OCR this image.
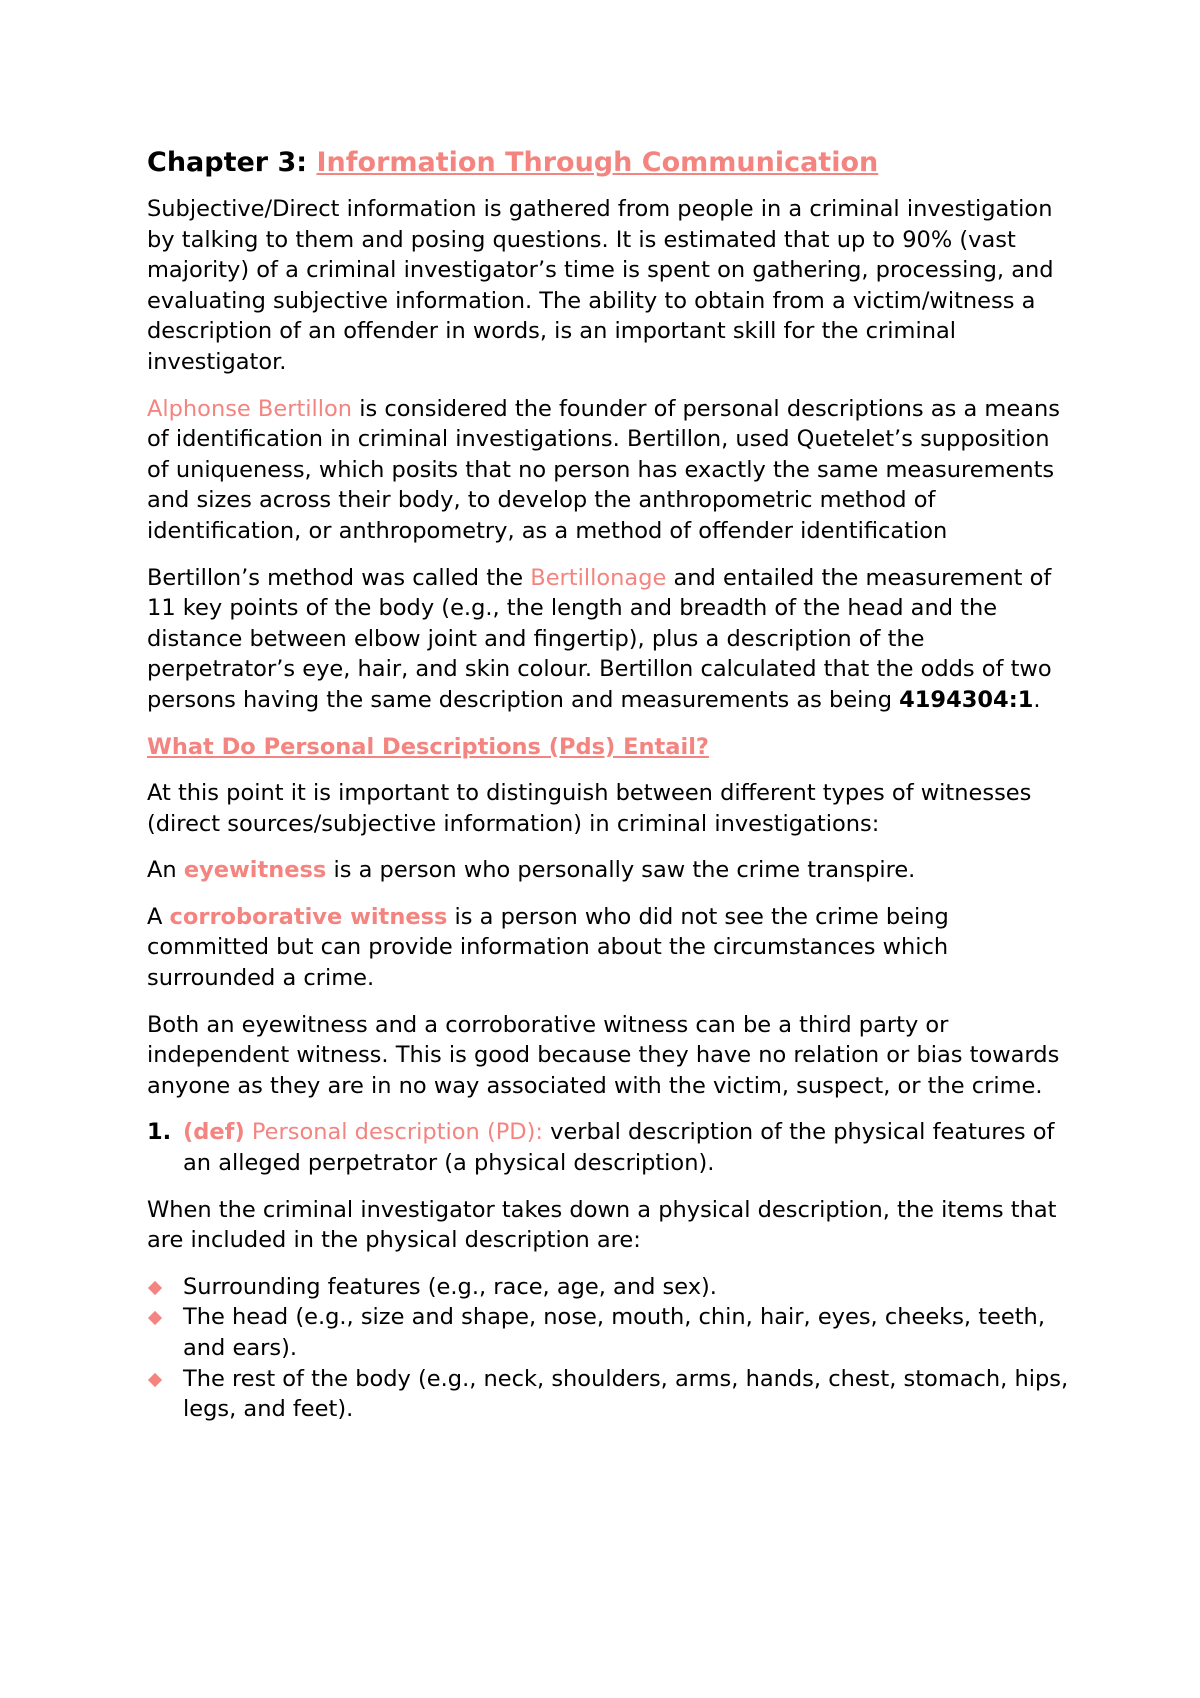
Chapter 3: Information Through Communication

Subjective/Direct information is gathered from people in a criminal investigation by talking to them and posing questions. It is estimated that up to 90% (vast majority) of a criminal investigator’s time is spent on gathering, processing, and evaluating subjective information. The ability to obtain from a victim/witness a description of an offender in words, is an important skill for the criminal investigator.

Alphonse Bertillon is considered the founder of personal descriptions as a means of identification in criminal investigations. Bertillon, used Quetelet’s supposition of uniqueness, which posits that no person has exactly the same measurements and sizes across their body, to develop the anthropometric method of identification, or anthropometry, as a method of offender identification

Bertillon’s method was called the Bertillonage and entailed the measurement of 11 key points of the body (e.g., the length and breadth of the head and the distance between elbow joint and fingertip), plus a description of the perpetrator’s eye, hair, and skin colour. Bertillon calculated that the odds of two persons having the same description and measurements as being 4194304:1.

What Do Personal Descriptions (Pds) Entail?

At this point it is important to distinguish between different types of witnesses (direct sources/subjective information) in criminal investigations:

An eyewitness is a person who personally saw the crime transpire.

A corroborative witness is a person who did not see the crime being committed but can provide information about the circumstances which surrounded a crime.

Both an eyewitness and a corroborative witness can be a third party or independent witness. This is good because they have no relation or bias towards anyone as they are in no way associated with the victim, suspect, or the crime.

1. (def) Personal description (PD): verbal description of the physical features of an alleged perpetrator (a physical description).

When the criminal investigator takes down a physical description, the items that are included in the physical description are:

Surrounding features (e.g., race, age, and sex).
The head (e.g., size and shape, nose, mouth, chin, hair, eyes, cheeks, teeth, and ears).
The rest of the body (e.g., neck, shoulders, arms, hands, chest, stomach, hips, legs, and feet).
